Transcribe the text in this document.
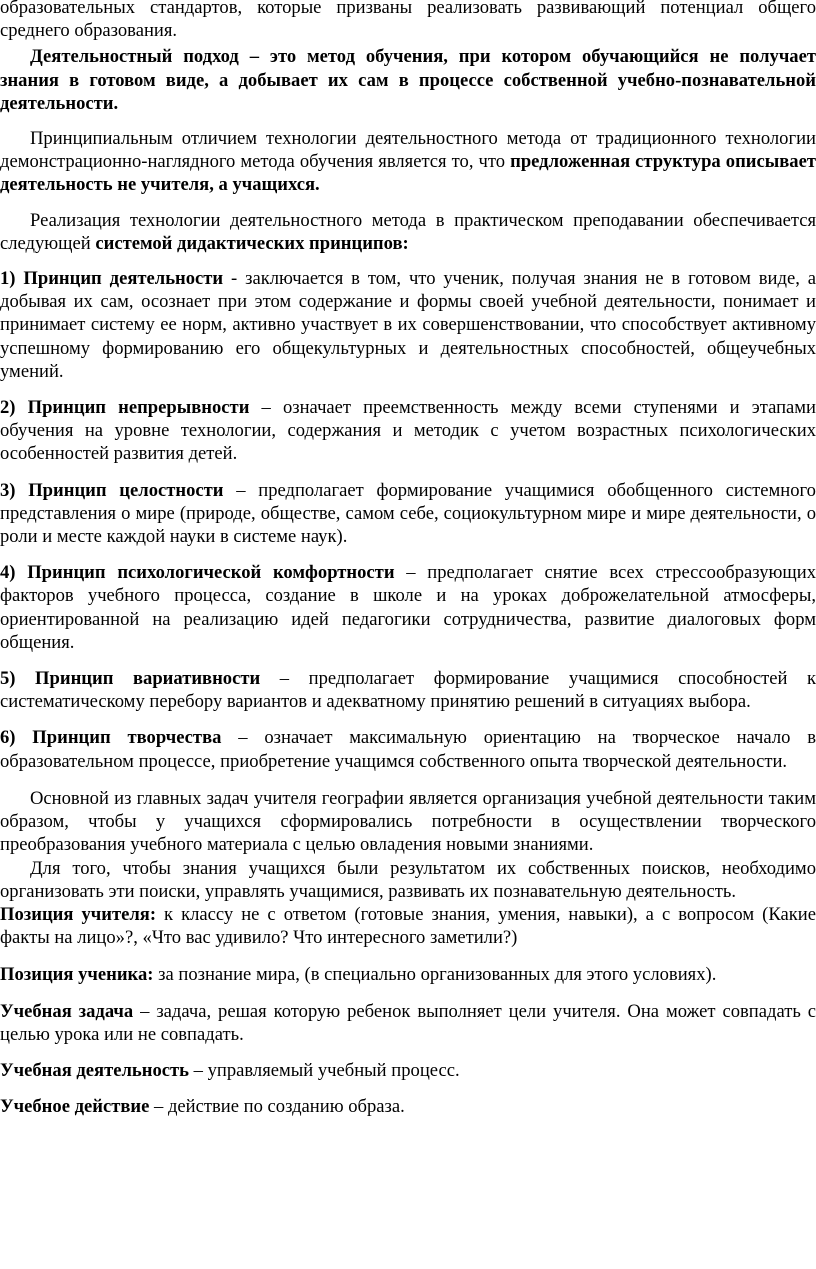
образовательных стандартов, которые призваны реализовать развивающий потенциал общего среднего образования.

Деятельностный подход – это метод обучения, при котором обучающийся не получает знания в готовом виде, а добывает их сам в процессе собственной учебно-познавательной деятельности.

Принципиальным отличием технологии деятельностного метода от традиционного технологии демонстрационно-наглядного метода обучения является то, что предложенная структура описывает деятельность не учителя, а учащихся.

Реализация технологии деятельностного метода в практическом преподавании обеспечивается следующей системой дидактических принципов:

1) Принцип деятельности - заключается в том, что ученик, получая знания не в готовом виде, а добывая их сам, осознает при этом содержание и формы своей учебной деятельности, понимает и принимает систему ее норм, активно участвует в их совершенствовании, что способствует активному успешному формированию его общекультурных и деятельностных способностей, общеучебных умений.

2) Принцип непрерывности – означает преемственность между всеми ступенями и этапами обучения на уровне технологии, содержания и методик с учетом возрастных психологических особенностей развития детей.

3) Принцип целостности – предполагает формирование учащимися обобщенного системного представления о мире (природе, обществе, самом себе, социокультурном мире и мире деятельности, о роли и месте каждой науки в системе наук).

4) Принцип психологической комфортности – предполагает снятие всех стрессообразующих факторов учебного процесса, создание в школе и на уроках доброжелательной атмосферы, ориентированной на реализацию идей педагогики сотрудничества, развитие диалоговых форм общения.

5) Принцип вариативности – предполагает формирование учащимися способностей к систематическому перебору вариантов и адекватному принятию решений в ситуациях выбора.

6) Принцип творчества – означает максимальную ориентацию на творческое начало в образовательном процессе, приобретение учащимся собственного опыта творческой деятельности.

Основной из главных задач учителя географии является организация учебной деятельности таким образом, чтобы у учащихся сформировались потребности в осуществлении творческого преобразования учебного материала с целью овладения новыми знаниями.

Для того, чтобы знания учащихся были результатом их собственных поисков, необходимо организовать эти поиски, управлять учащимися, развивать их познавательную деятельность.

Позиция учителя: к классу не с ответом (готовые знания, умения, навыки), а с вопросом (Какие факты на лицо»?, «Что вас удивило? Что интересного заметили?)

Позиция ученика: за познание мира, (в специально организованных для этого условиях).

Учебная задача – задача, решая которую ребенок выполняет цели учителя. Она может совпадать с целью урока или не совпадать.

Учебная деятельность – управляемый учебный процесс.

Учебное действие – действие по созданию образа.
